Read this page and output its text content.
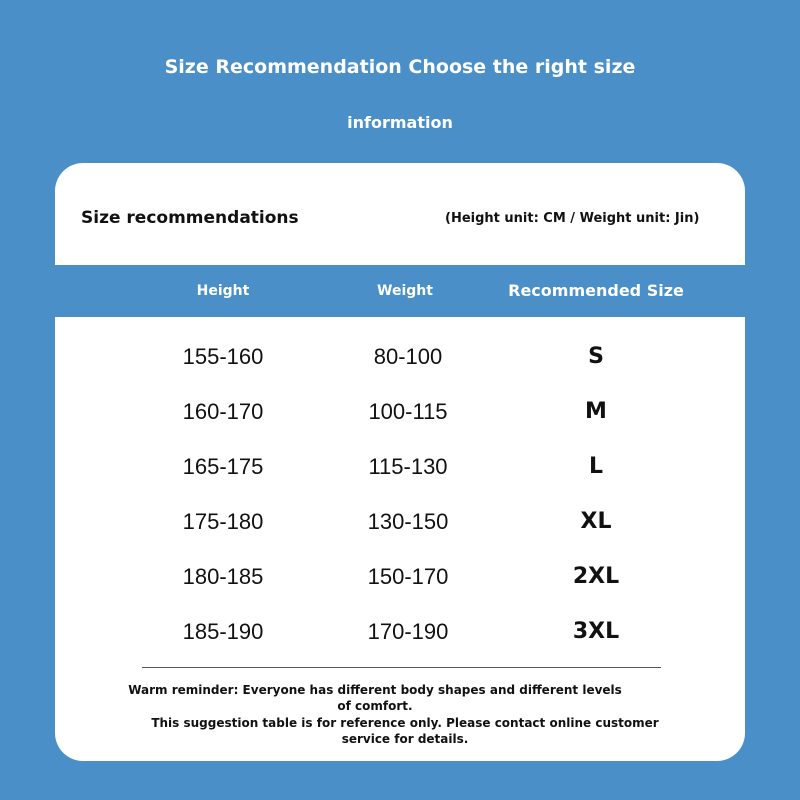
Size Recommendation Choose the right size
information
Size recommendations	(Height unit: CM / Weight unit: Jin)
Height	Weight	Recommended Size
155-160	80-100	S
160-170	100-115	M
165-175	115-130	L
175-180	130-150	XL
180-185	150-170	2XL
185-190	170-190	3XL
Warm reminder: Everyone has different body shapes and different levels of comfort.
This suggestion table is for reference only. Please contact online customer service for details.
